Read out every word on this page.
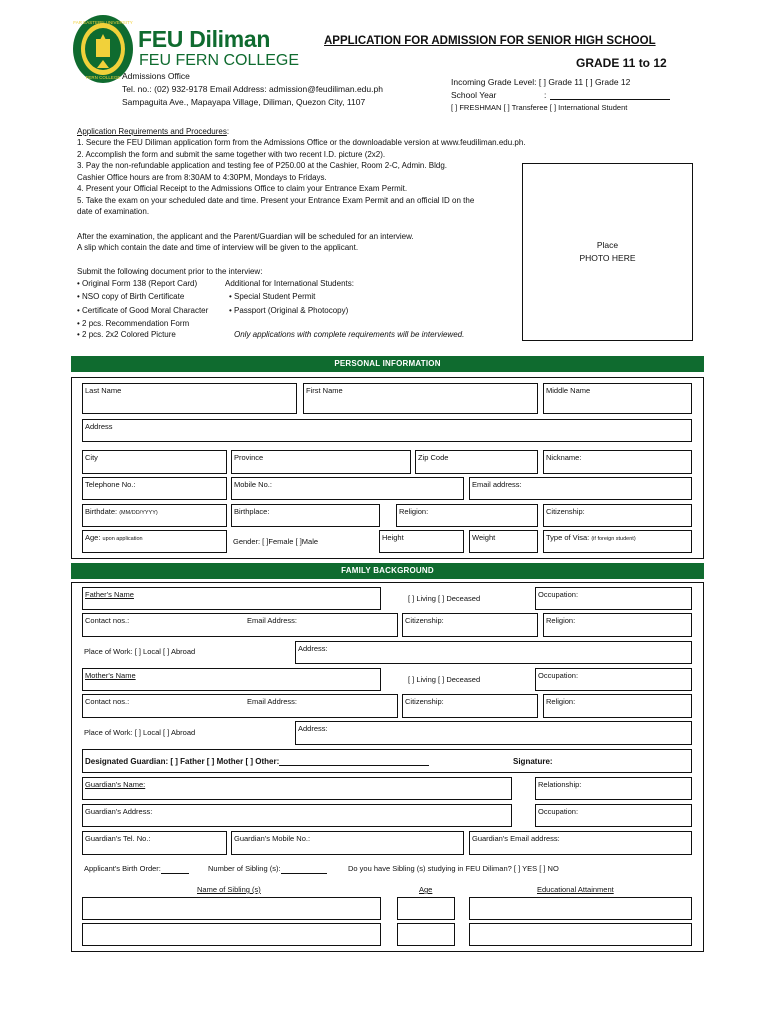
FAR EASTERN UNIVERSITY
FERN COLLEGE
FEU Diliman
FEU FERN COLLEGE
Admissions Office
Tel. no.: (02) 932-9178 Email Address: admission@feudiliman.edu.ph
Sampaguita Ave., Mapayapa Village, Diliman, Quezon City, 1107
APPLICATION FOR ADMISSION FOR SENIOR HIGH SCHOOL
GRADE 11 to 12
Incoming Grade Level: [ ] Grade 11 [ ] Grade 12
School Year	:
[ ] FRESHMAN [ ] Transferee [ ] International Student
Application Requirements and Procedures:
1. Secure the FEU Diliman application form from the Admissions Office or the downloadable version at www.feudiliman.edu.ph.
2. Accomplish the form and submit the same together with two recent I.D. picture (2x2).
3. Pay the non-refundable application and testing fee of P250.00 at the Cashier, Room 2-C, Admin. Bldg.
Cashier Office hours are from 8:30AM to 4:30PM, Mondays to Fridays.
4. Present your Official Receipt to the Admissions Office to claim your Entrance Exam Permit.
5. Take the exam on your scheduled date and time. Present your Entrance Exam Permit and an official ID on the
date of examination.
After the examination, the applicant and the Parent/Guardian will be scheduled for an interview.
A slip which contain the date and time of interview will be given to the applicant.
Submit the following document prior to the interview:
• Original Form 138 (Report Card)
• NSO copy of Birth Certificate
• Certificate of Good Moral Character
• 2 pcs. Recommendation Form
• 2 pcs. 2x2 Colored Picture
Additional for International Students:
• Special Student Permit
• Passport (Original & Photocopy)
Only applications with complete requirements will be interviewed.
Place
PHOTO HERE
PERSONAL INFORMATION
Last Name	First Name	Middle Name
Address
City	Province	Zip Code	Nickname:
Telephone No.:	Mobile No.:	Email address:
Birthdate: (MM/DD/YYYY)	Birthplace:	Religion:	Citizenship:
Age: upon application	Gender: [ ]Female [ ]Male	Height	Weight	Type of Visa: (if foreign student)
FAMILY BACKGROUND
Father's Name	[ ] Living [ ] Deceased	Occupation:
Contact nos.:	Email Address:	Citizenship:	Religion:
Place of Work: [ ] Local [ ] Abroad	Address:
Mother's Name	[ ] Living [ ] Deceased	Occupation:
Contact nos.:	Email Address:	Citizenship:	Religion:
Place of Work: [ ] Local [ ] Abroad	Address:
Designated Guardian: [ ] Father [ ] Mother [ ] Other:	Signature:
Guardian's Name:	Relationship:
Guardian's Address:	Occupation:
Guardian's Tel. No.:	Guardian's Mobile No.:	Guardian's Email address:
Applicant's Birth Order:	Number of Sibling (s):	Do you have Sibling (s) studying in FEU Diliman? [ ] YES [ ] NO
Name of Sibling (s)	Age	Educational Attainment
